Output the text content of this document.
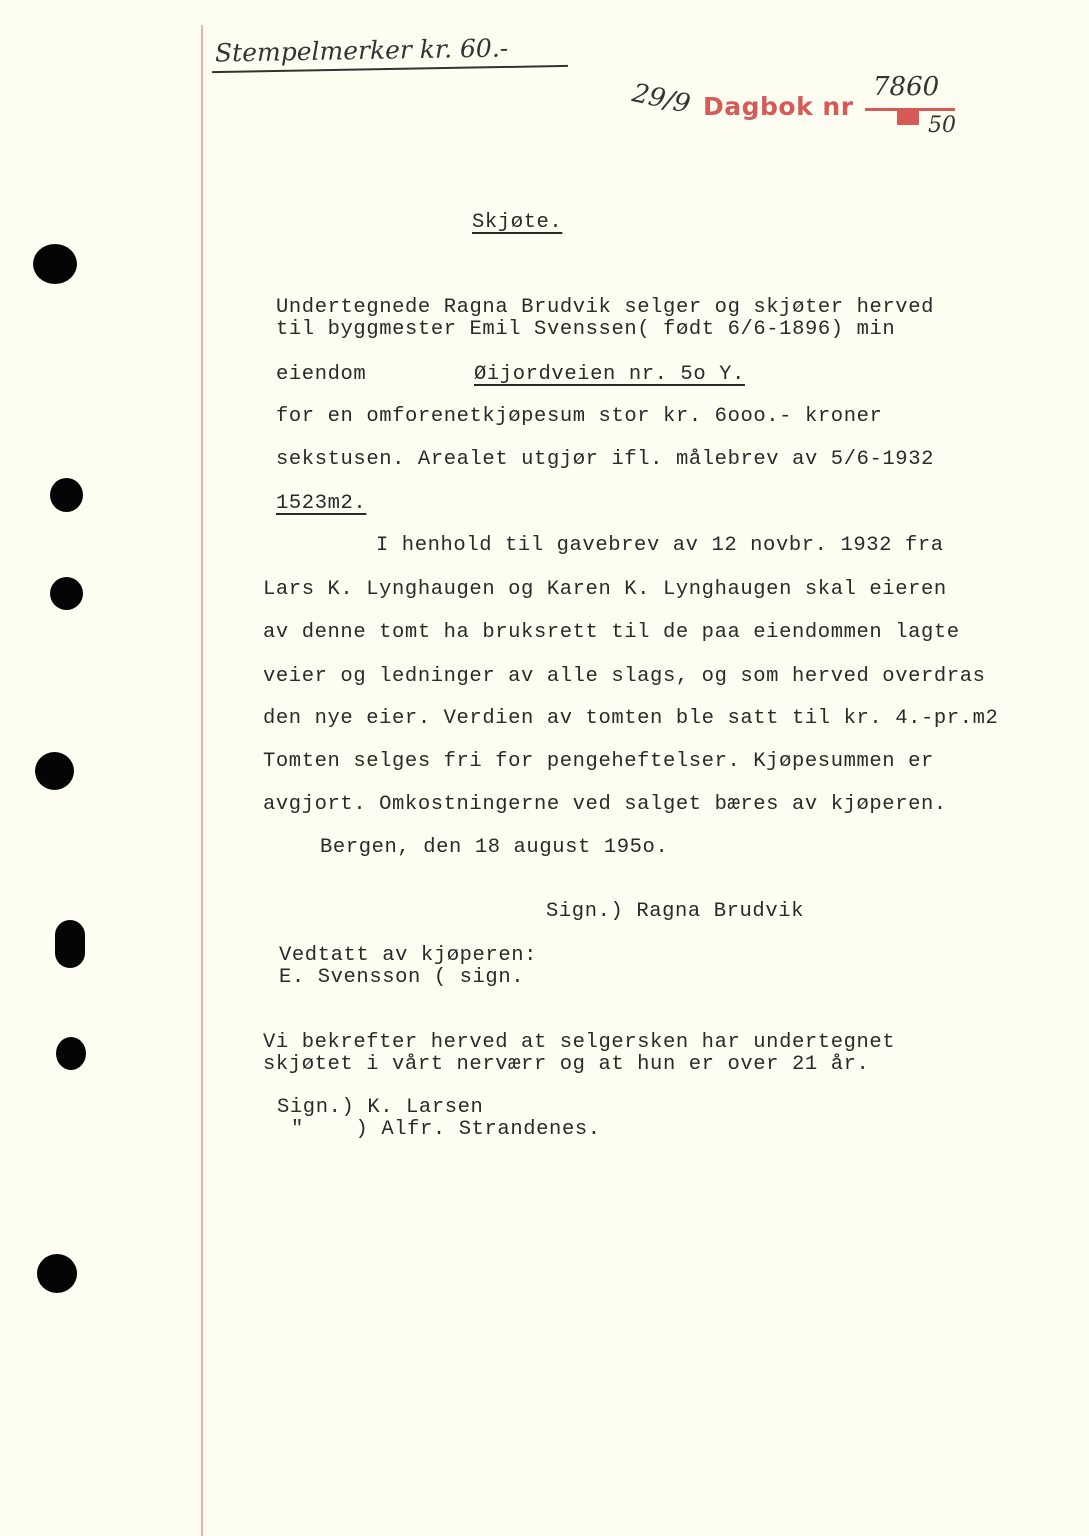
Stempelmerker kr. 60.-
29/9 Dagbok nr
7860
50
Skjøte.
Undertegnede Ragna Brudvik selger og skjøter herved
til byggmester Emil Svenssen( født 6/6-1896) min
eiendom	Øijordveien nr. 5o Y.
for en omforenetkjøpesum stor kr. 6ooo.- kroner
sekstusen. Arealet utgjør ifl. målebrev av 5/6-1932
1523m2.
I henhold til gavebrev av 12 novbr. 1932 fra
Lars K. Lynghaugen og Karen K. Lynghaugen skal eieren
av denne tomt ha bruksrett til de paa eiendommen lagte
veier og ledninger av alle slags, og som herved overdras
den nye eier. Verdien av tomten ble satt til kr. 4.-pr.m2
Tomten selges fri for pengeheftelser. Kjøpesummen er
avgjort. Omkostningerne ved salget bæres av kjøperen.
Bergen, den 18 august 195o.
Sign.) Ragna Brudvik
Vedtatt av kjøperen:
E. Svensson ( sign.
Vi bekrefter herved at selgersken har undertegnet
skjøtet i vårt nerværr og at hun er over 21 år.
Sign.) K. Larsen
"    ) Alfr. Strandenes.
